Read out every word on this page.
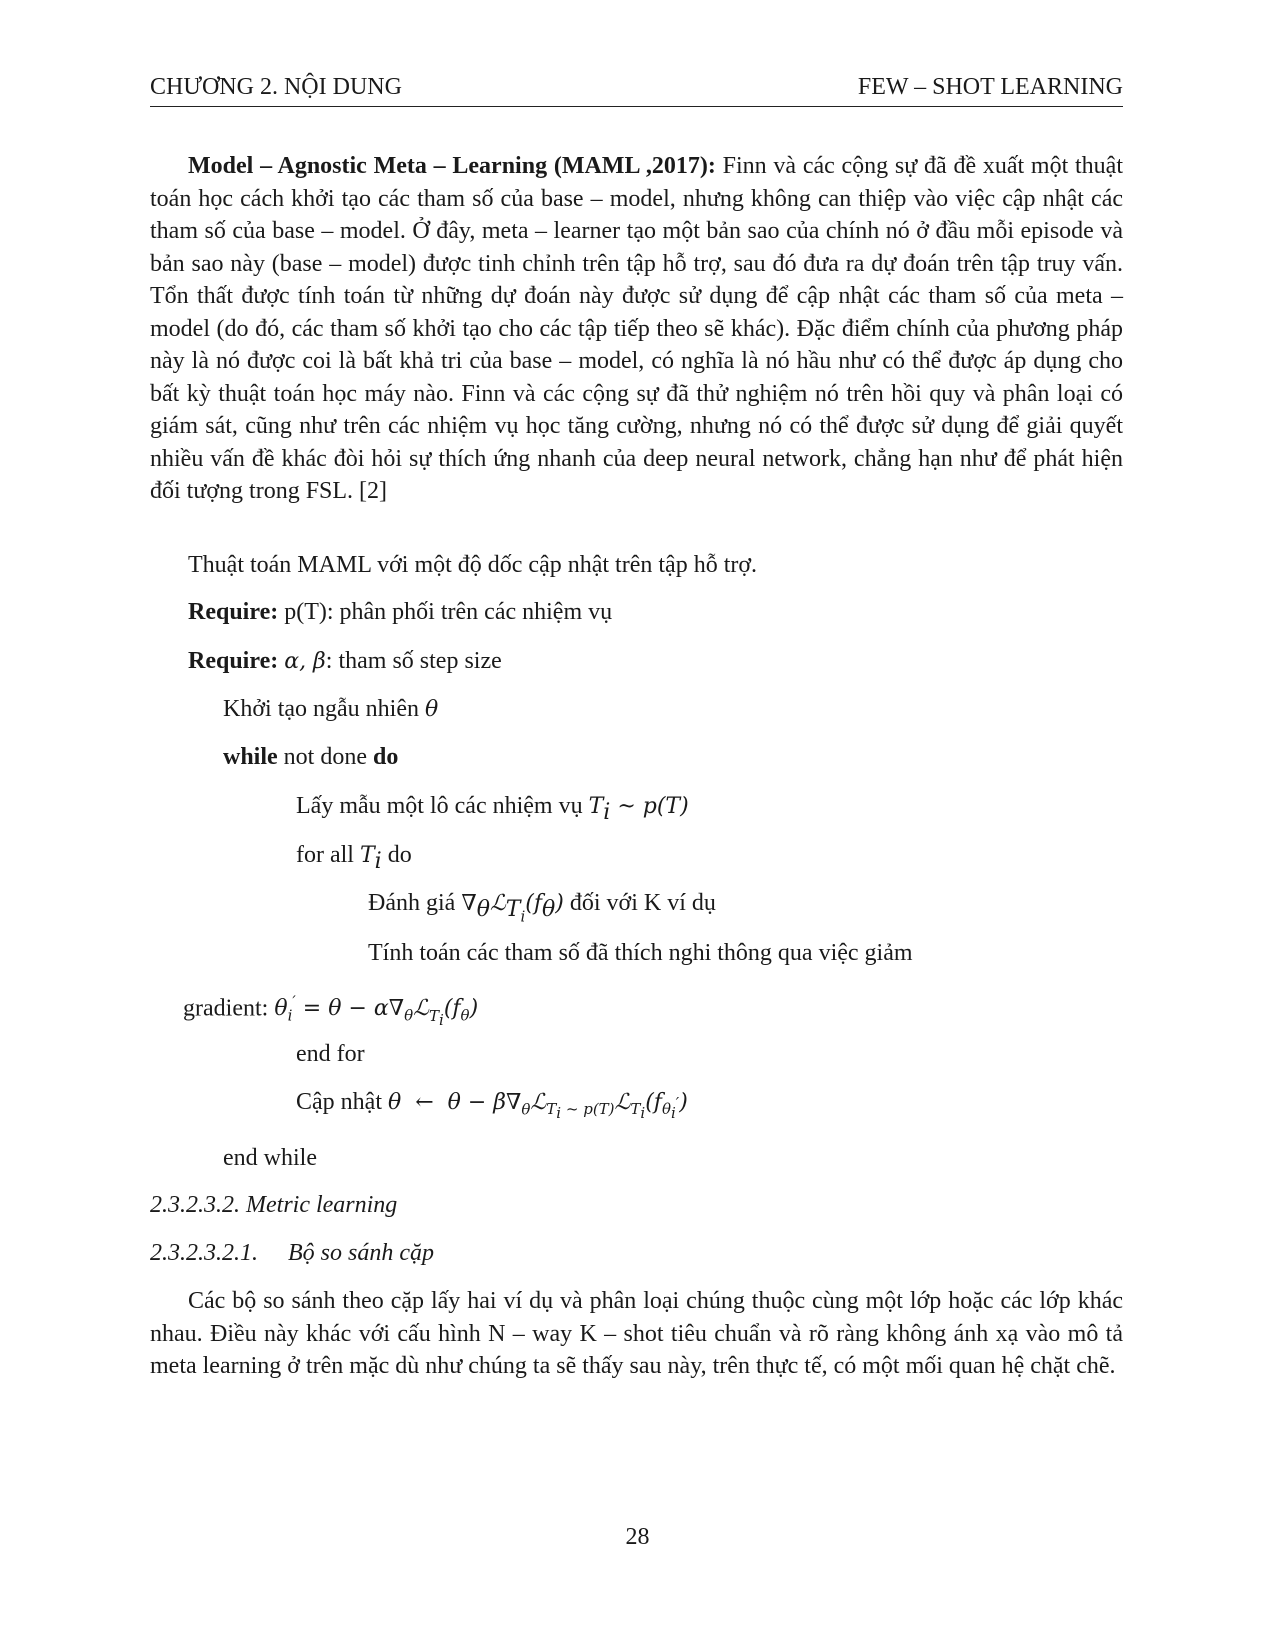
CHƯƠNG 2. NỘI DUNG	FEW – SHOT LEARNING

Model – Agnostic Meta – Learning (MAML ,2017): Finn và các cộng sự đã đề xuất một thuật toán học cách khởi tạo các tham số của base – model, nhưng không can thiệp vào việc cập nhật các tham số của base – model. Ở đây, meta – learner tạo một bản sao của chính nó ở đầu mỗi episode và bản sao này (base – model) được tinh chỉnh trên tập hỗ trợ, sau đó đưa ra dự đoán trên tập truy vấn. Tổn thất được tính toán từ những dự đoán này được sử dụng để cập nhật các tham số của meta – model (do đó, các tham số khởi tạo cho các tập tiếp theo sẽ khác). Đặc điểm chính của phương pháp này là nó được coi là bất khả tri của base – model, có nghĩa là nó hầu như có thể được áp dụng cho bất kỳ thuật toán học máy nào. Finn và các cộng sự đã thử nghiệm nó trên hồi quy và phân loại có giám sát, cũng như trên các nhiệm vụ học tăng cường, nhưng nó có thể được sử dụng để giải quyết nhiều vấn đề khác đòi hỏi sự thích ứng nhanh của deep neural network, chẳng hạn như để phát hiện đối tượng trong FSL. [2]

Thuật toán MAML với một độ dốc cập nhật trên tập hỗ trợ.
Require: p(T): phân phối trên các nhiệm vụ
Require: α, β: tham số step size
Khởi tạo ngẫu nhiên θ
while not done do
Lấy mẫu một lô các nhiệm vụ $T_i$ ~ p(T)
for all $T_i$ do
Đánh giá $\nabla_\theta ℒ_{T_i}(f_\theta)$ đối với K ví dụ
Tính toán các tham số đã thích nghi thông qua việc giảm
gradient: $\theta_i' = \theta$ − $\alpha\nabla_\theta ℒ_{T_i}(f_\theta)$
end for
Cập nhật θ  ←  $\theta - \beta\nabla_\theta ℒ_{T_i \sim p(T)}ℒ_{T_i}(f_{\theta_i'})$
end while
2.3.2.3.2. Metric learning
2.3.2.3.2.1. Bộ so sánh cặp

Các bộ so sánh theo cặp lấy hai ví dụ và phân loại chúng thuộc cùng một lớp hoặc các lớp khác nhau. Điều này khác với cấu hình N – way K – shot tiêu chuẩn và rõ ràng không ánh xạ vào mô tả meta learning ở trên mặc dù như chúng ta sẽ thấy sau này, trên thực tế, có một mối quan hệ chặt chẽ.

28
